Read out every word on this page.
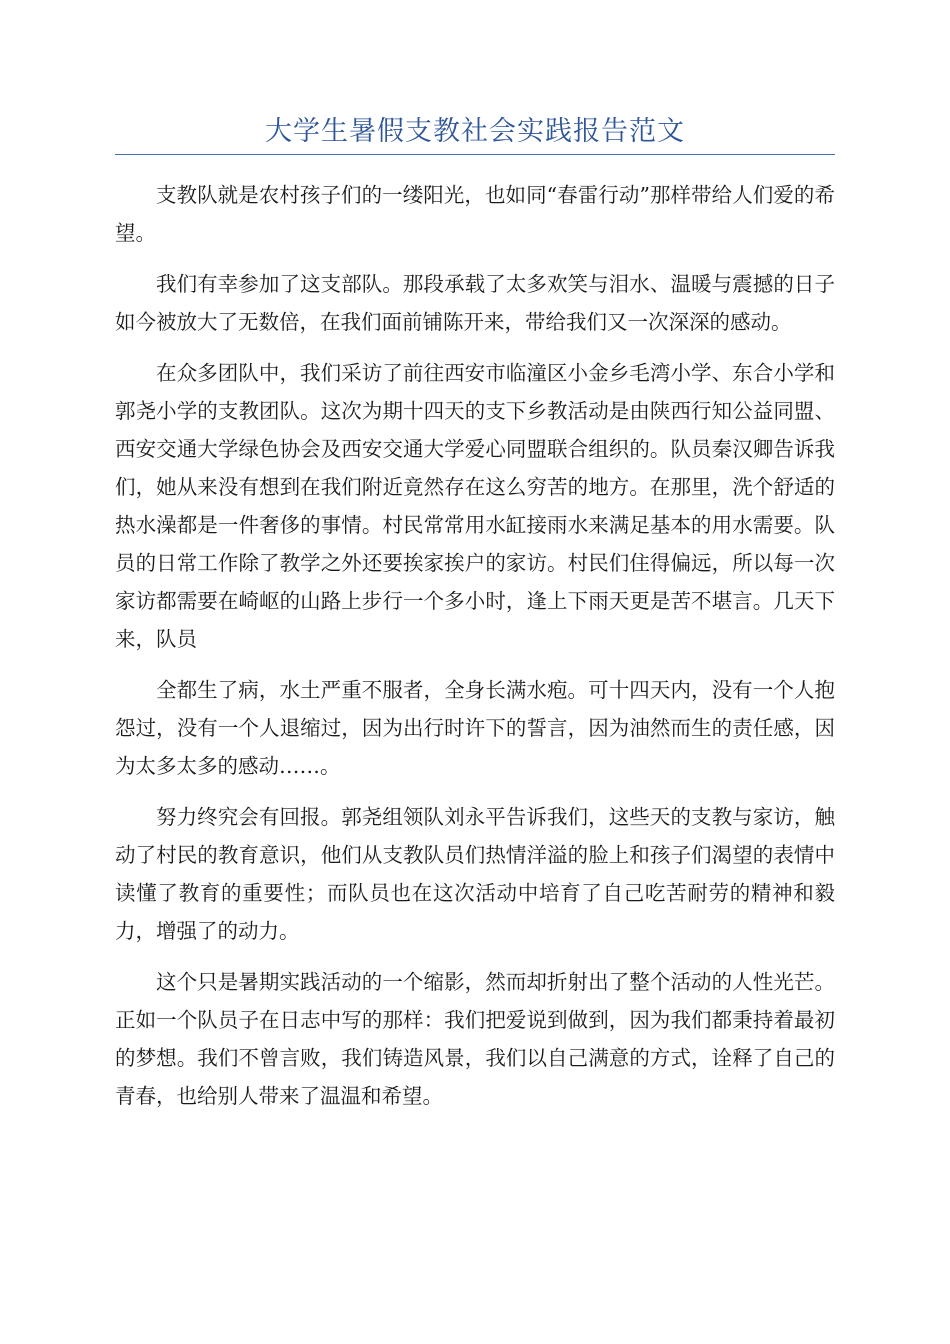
大学生暑假支教社会实践报告范文

支教队就是农村孩子们的一缕阳光，也如同“春雷行动”那样带给人们爱的希望。

我们有幸参加了这支部队。那段承载了太多欢笑与泪水、温暖与震撼的日子如今被放大了无数倍，在我们面前铺陈开来，带给我们又一次深深的感动。

在众多团队中，我们采访了前往西安市临潼区小金乡毛湾小学、东合小学和郭尧小学的支教团队。这次为期十四天的支下乡教活动是由陕西行知公益同盟、西安交通大学绿色协会及西安交通大学爱心同盟联合组织的。队员秦汉卿告诉我们，她从来没有想到在我们附近竟然存在这么穷苦的地方。在那里，洗个舒适的热水澡都是一件奢侈的事情。村民常常用水缸接雨水来满足基本的用水需要。队员的日常工作除了教学之外还要挨家挨户的家访。村民们住得偏远，所以每一次家访都需要在崎岖的山路上步行一个多小时，逢上下雨天更是苦不堪言。几天下来，队员

全都生了病，水土严重不服者，全身长满水疱。可十四天内，没有一个人抱怨过，没有一个人退缩过，因为出行时许下的誓言，因为油然而生的责任感，因为太多太多的感动……。

努力终究会有回报。郭尧组领队刘永平告诉我们，这些天的支教与家访，触动了村民的教育意识，他们从支教队员们热情洋溢的脸上和孩子们渴望的表情中读懂了教育的重要性；而队员也在这次活动中培育了自己吃苦耐劳的精神和毅力，增强了的动力。

这个只是暑期实践活动的一个缩影，然而却折射出了整个活动的人性光芒。正如一个队员子在日志中写的那样：我们把爱说到做到，因为我们都秉持着最初的梦想。我们不曾言败，我们铸造风景，我们以自己满意的方式，诠释了自己的青春，也给别人带来了温温和希望。
